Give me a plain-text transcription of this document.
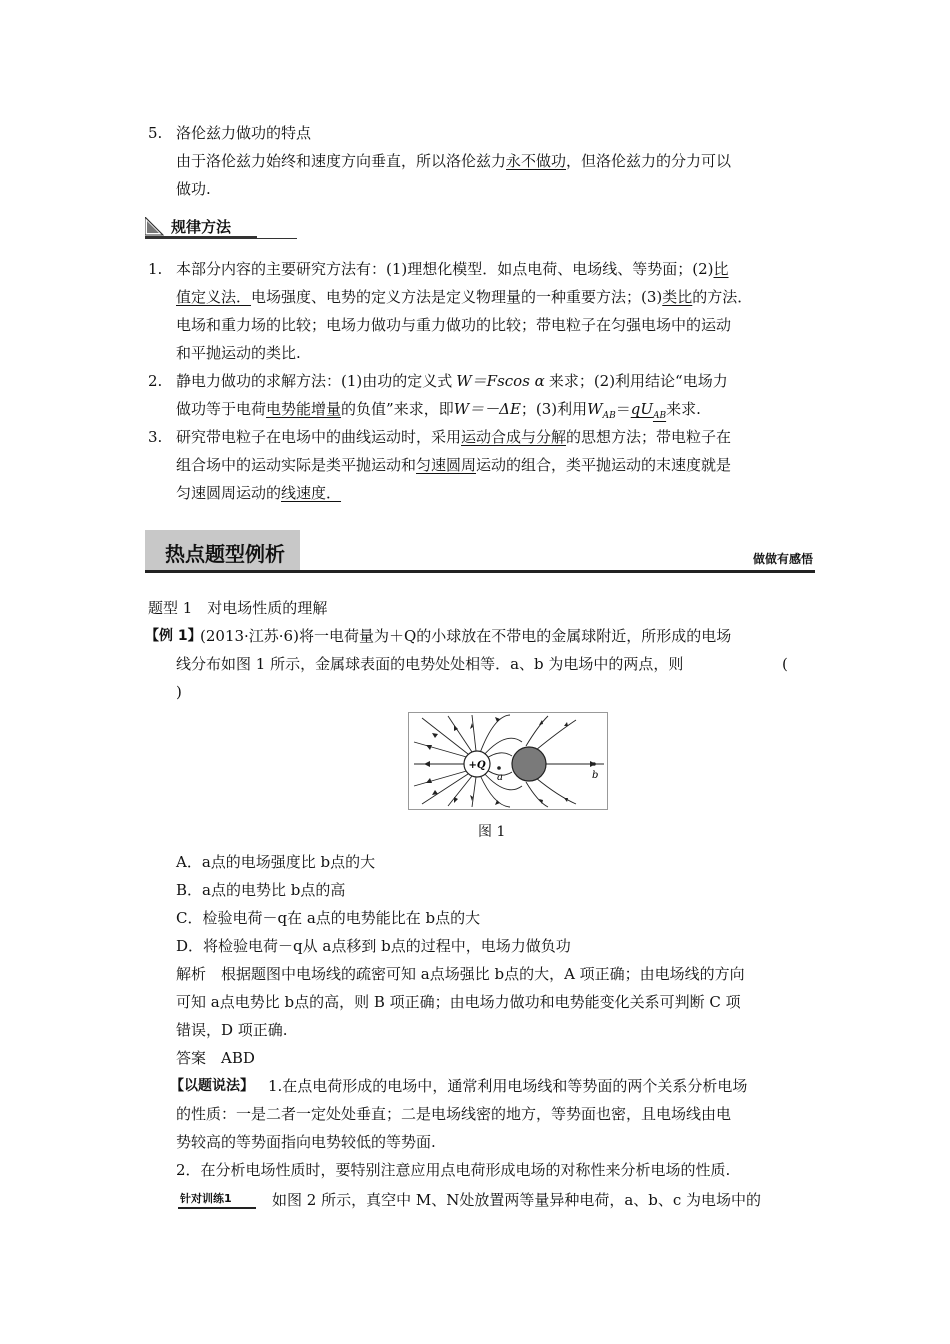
5. 洛伦兹力做功的特点
由于洛伦兹力始终和速度方向垂直，所以洛伦兹力永不做功，但洛伦兹力的分力可以
做功.
规律方法
1. 本部分内容的主要研究方法有：(1)理想化模型．如点电荷、电场线、等势面；(2)比
值定义法．电场强度、电势的定义方法是定义物理量的一种重要方法；(3)类比的方法．
电场和重力场的比较；电场力做功与重力做功的比较；带电粒子在匀强电场中的运动
和平抛运动的类比.
2. 静电力做功的求解方法：(1)由功的定义式 W＝Fscos α 来求；(2)利用结论“电场力
做功等于电荷电势能增量的负值”来求，即W＝－ΔE；(3)利用$W_{AB}=qU_{AB}$来求.
3. 研究带电粒子在电场中的曲线运动时，采用运动合成与分解的思想方法；带电粒子在
组合场中的运动实际是类平抛运动和匀速圆周运动的组合，类平抛运动的末速度就是
匀速圆周运动的线速度．
热点题型例析	做做有感悟
题型 1　对电场性质的理解
【例 1】
(2013·江苏·6)将一电荷量为＋Q的小球放在不带电的金属球附近，所形成的电场
线分布如图 1 所示，金属球表面的电势处处相等．a、b 为电场中的两点，则	(
)
+Q
a	b
图 1
A．a点的电场强度比 b点的大
B．a点的电势比 b点的高
C．检验电荷－q在 a点的电势能比在 b点的大
D．将检验电荷－q从 a点移到 b点的过程中，电场力做负功
解析　根据题图中电场线的疏密可知 a点场强比 b点的大，A 项正确；由电场线的方向
可知 a点电势比 b点的高，则 B 项正确；由电场力做功和电势能变化关系可判断 C 项
错误，D 项正确.
答案　ABD
【以题说法】 1.在点电荷形成的电场中，通常利用电场线和等势面的两个关系分析电场
的性质：一是二者一定处处垂直；二是电场线密的地方，等势面也密，且电场线由电
势较高的等势面指向电势较低的等势面.
2．在分析电场性质时，要特别注意应用点电荷形成电场的对称性来分析电场的性质.
针对训练1	如图 2 所示，真空中 M、N处放置两等量异种电荷，a、b、c 为电场中的
